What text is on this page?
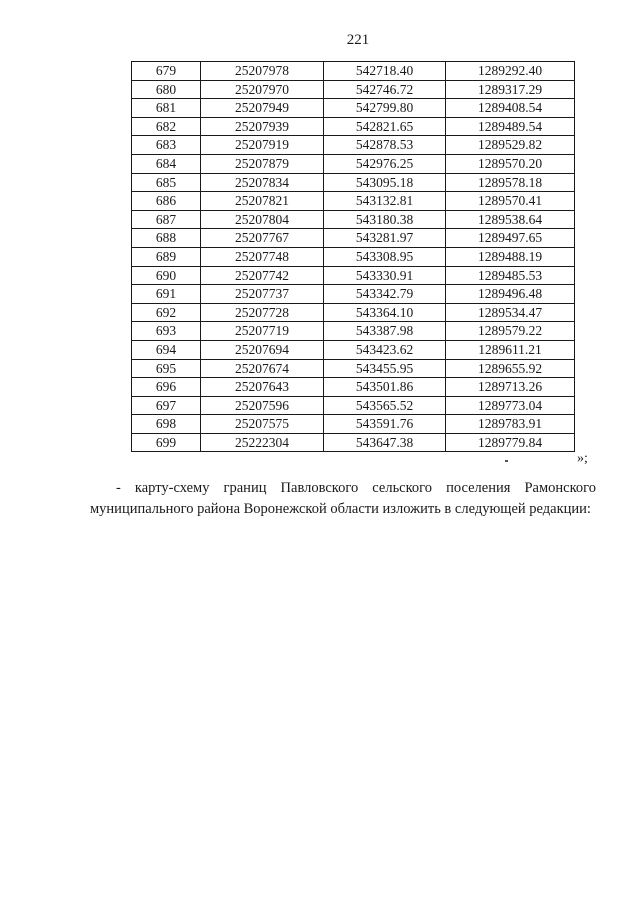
221
679	25207978	542718.40	1289292.40
680	25207970	542746.72	1289317.29
681	25207949	542799.80	1289408.54
682	25207939	542821.65	1289489.54
683	25207919	542878.53	1289529.82
684	25207879	542976.25	1289570.20
685	25207834	543095.18	1289578.18
686	25207821	543132.81	1289570.41
687	25207804	543180.38	1289538.64
688	25207767	543281.97	1289497.65
689	25207748	543308.95	1289488.19
690	25207742	543330.91	1289485.53
691	25207737	543342.79	1289496.48
692	25207728	543364.10	1289534.47
693	25207719	543387.98	1289579.22
694	25207694	543423.62	1289611.21
695	25207674	543455.95	1289655.92
696	25207643	543501.86	1289713.26
697	25207596	543565.52	1289773.04
698	25207575	543591.76	1289783.91
699	25222304	543647.38	1289779.84
»;
- карту-схему границ Павловского сельского поселения Рамонского муниципального района Воронежской области изложить в следующей редакции:
